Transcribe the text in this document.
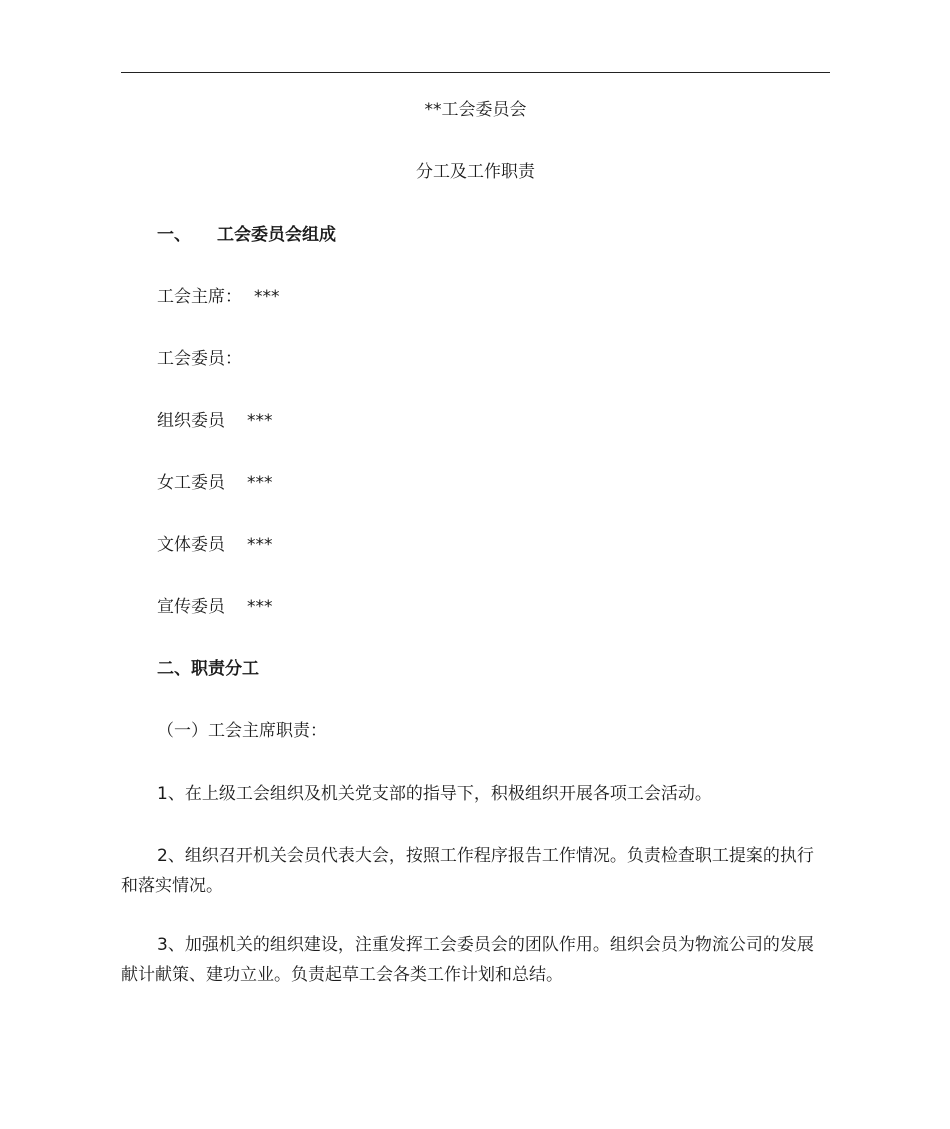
**工会委员会
分工及工作职责
一、 工会委员会组成
工会主席： ***
工会委员：
组织委员 ***
女工委员 ***
文体委员 ***
宣传委员 ***
二、职责分工
（一）工会主席职责：
1、在上级工会组织及机关党支部的指导下，积极组织开展各项工会活动。
2、组织召开机关会员代表大会，按照工作程序报告工作情况。负责检查职工提案的执行和落实情况。
3、加强机关的组织建设，注重发挥工会委员会的团队作用。组织会员为物流公司的发展献计献策、建功立业。负责起草工会各类工作计划和总结。
